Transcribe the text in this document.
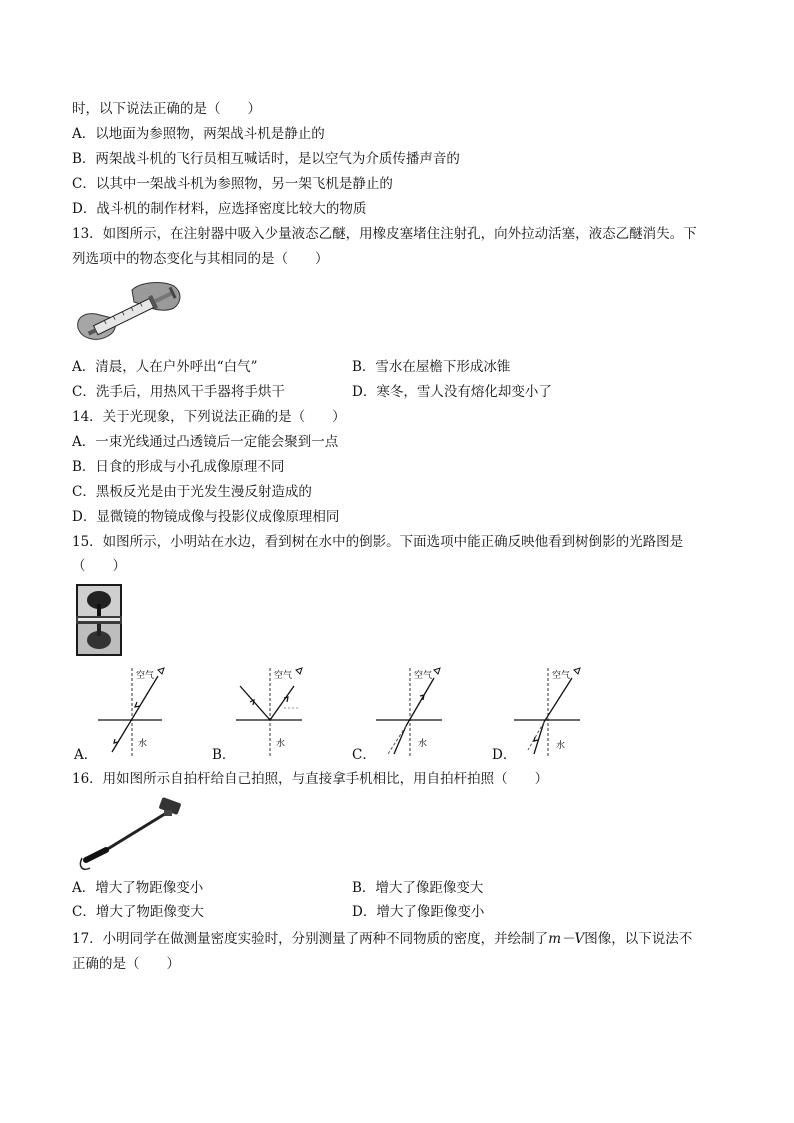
时，以下说法正确的是（　　）
A．以地面为参照物，两架战斗机是静止的
B．两架战斗机的飞行员相互喊话时，是以空气为介质传播声音的
C．以其中一架战斗机为参照物，另一架飞机是静止的
D．战斗机的制作材料，应选择密度比较大的物质
13．如图所示，在注射器中吸入少量液态乙醚，用橡皮塞堵住注射孔，向外拉动活塞，液态乙醚消失。下
列选项中的物态变化与其相同的是（　　）
A．清晨，人在户外呼出“白气”	B．雪水在屋檐下形成冰锥
C．洗手后，用热风干手器将手烘干	D．寒冬，雪人没有熔化却变小了
14．关于光现象，下列说法正确的是（　　）
A．一束光线通过凸透镜后一定能会聚到一点
B．日食的形成与小孔成像原理不同
C．黑板反光是由于光发生漫反射造成的
D．显微镜的物镜成像与投影仪成像原理相同
15．如图所示，小明站在水边，看到树在水中的倒影。下面选项中能正确反映他看到树倒影的光路图是
（　　）
空气
水
A．
空气
水
B．
空气
水
C．
空气
水
D．
16．用如图所示自拍杆给自己拍照，与直接拿手机相比，用自拍杆拍照（　　）
A．增大了物距像变小	B．增大了像距像变大
C．增大了物距像变大	D．增大了像距像变小
17．小明同学在做测量密度实验时，分别测量了两种不同物质的密度，并绘制了m－V图像，以下说法不
正确的是（　　）
